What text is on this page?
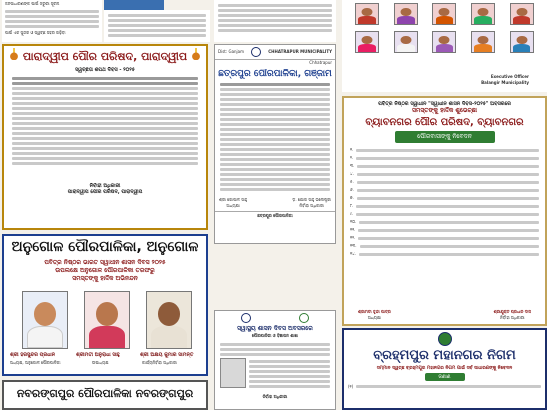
ଜନସାଧାରଣଙ୍କ ପାଇଁ ଜରୁରୀ ସୂଚନା
ପାଇଁ ଏକ ସୁନ୍ଦର ଓ ସ୍ୱଚ୍ଛ ସହର ଗଢ଼ିବା
ପାରାଦ୍ୱୀପ ପୌର ପରିଷଦ, ପାରାଦ୍ୱୀପ
ସ୍ୱଚ୍ଛତା ଶପଥ ଦିବସ - ୨୦୨୫
ନିର୍ବାହୀ ଅଧିକାରୀ
ପାରାଦ୍ୱୀପ ପୌର ପରିଷଦ, ପାରାଦ୍ୱୀପ
ଅନୁଗୋଳ ପୌରପାଳିକା, ଅନୁଗୋଳ
ପବିତ୍ର ନିଷ୍ଠର ଭାରତ ସ୍ୱାଧୀନ ଶାସନ ଦିବସ ୨୦୨୫
ଉପଲକ୍ଷେ ଅନୁଗୋଳ ପୌରପାଳିକା ତରଫରୁ
ସମସ୍ତଙ୍କୁ ହାର୍ଦ୍ଦିକ ଅଭିନନ୍ଦନ
ଶ୍ରୀ ହରସୁନ୍ଦର ପ୍ରଧାନ
ଅଧ୍ୟକ୍ଷ, ଅନୁଗୋଳ ପୌରପାଳିକା
ଶ୍ରୀମତୀ ଅନୁରାଧା ସାହୁ
ଉପାଧ୍ୟକ୍ଷ
ଶ୍ରୀ ଅକ୍ଷୟ କୁମାର ସାମନ୍ତ
କାର୍ଯ୍ୟନିର୍ବାହୀ ଅଧିକାରୀ
ନବରଙ୍ଗପୁର ପୌରପାଳିକା ନବରଙ୍ଗପୁର
Dist: Ganjam	CHHATRAPUR MUNICIPALITY
Chhatrapur
ଛତ୍ରପୁର ପୌରପାଳିକା, ଗଞ୍ଜାମ
ଶ୍ରୀ ଗୋପାଳ ସାହୁ
ଅଧ୍ୟକ୍ଷା
ଡ଼. ଯୋଗ ସାହୁ ଭଲେଷ୍ଟ୍ରୀ
ନିର୍ବାହୀ ଅଧିକାରୀ
ଛତ୍ରପୁର ପୌରପାଳିକା
ସ୍ୱାସ୍ଥ୍ୟ ଶାସନ ଦିବସ ଅବସରରେ
ପୌରପାଳିକା ଓ ବିଜ୍ଞାପନ ଶାଖା
ନିର୍ବାହୀ ଅଧିକାରୀ
Executive Officer
Balangir Municipality
ପବିତ୍ର ନିଷ୍ଠର ସ୍ୱାଧୀନ "ସ୍ୱାଧୀନ ଶାସନ ଦିବସ-୨୦୨୫" ଅବସରରେ
ସମସ୍ତଙ୍କୁ ହାର୍ଦ୍ଦିକ ଶୁଭେଚ୍ଛା
ବ୍ୟାବନଗର ପୌର ପରିଷଦ, ବ୍ୟାବନଗର
ପୌରବାସୀଙ୍କୁ ନିବେଦନ
୧.
୨.
୩.
୪.
୫.
୬.
୭.
୮.
୯.
୧୦.
୧୧.
୧୨.
୧୩.
୧୪.
ଶ୍ରୀମତୀ ବୃନ୍ଦା ପାତ୍ର
ଅଧ୍ୟକ୍ଷା
ଶ୍ରୀଯୁକ୍ତ ପ୍ରଧାନ ଦାସ
ନିର୍ବାହୀ ଅଧିକାରୀ
ବ୍ରହ୍ମପୁର ମହାନଗର ନିଗମ
ସମ୍ମାନ ସ୍ୱଚ୍ଛ ବ୍ରହ୍ମପୁର ମହାନଗର ନିଗମ ପାଇଁ ସର୍ବ ସାଧାରଣଙ୍କୁ ନିବେଦନ
ଜଣାଣ
(୧)
